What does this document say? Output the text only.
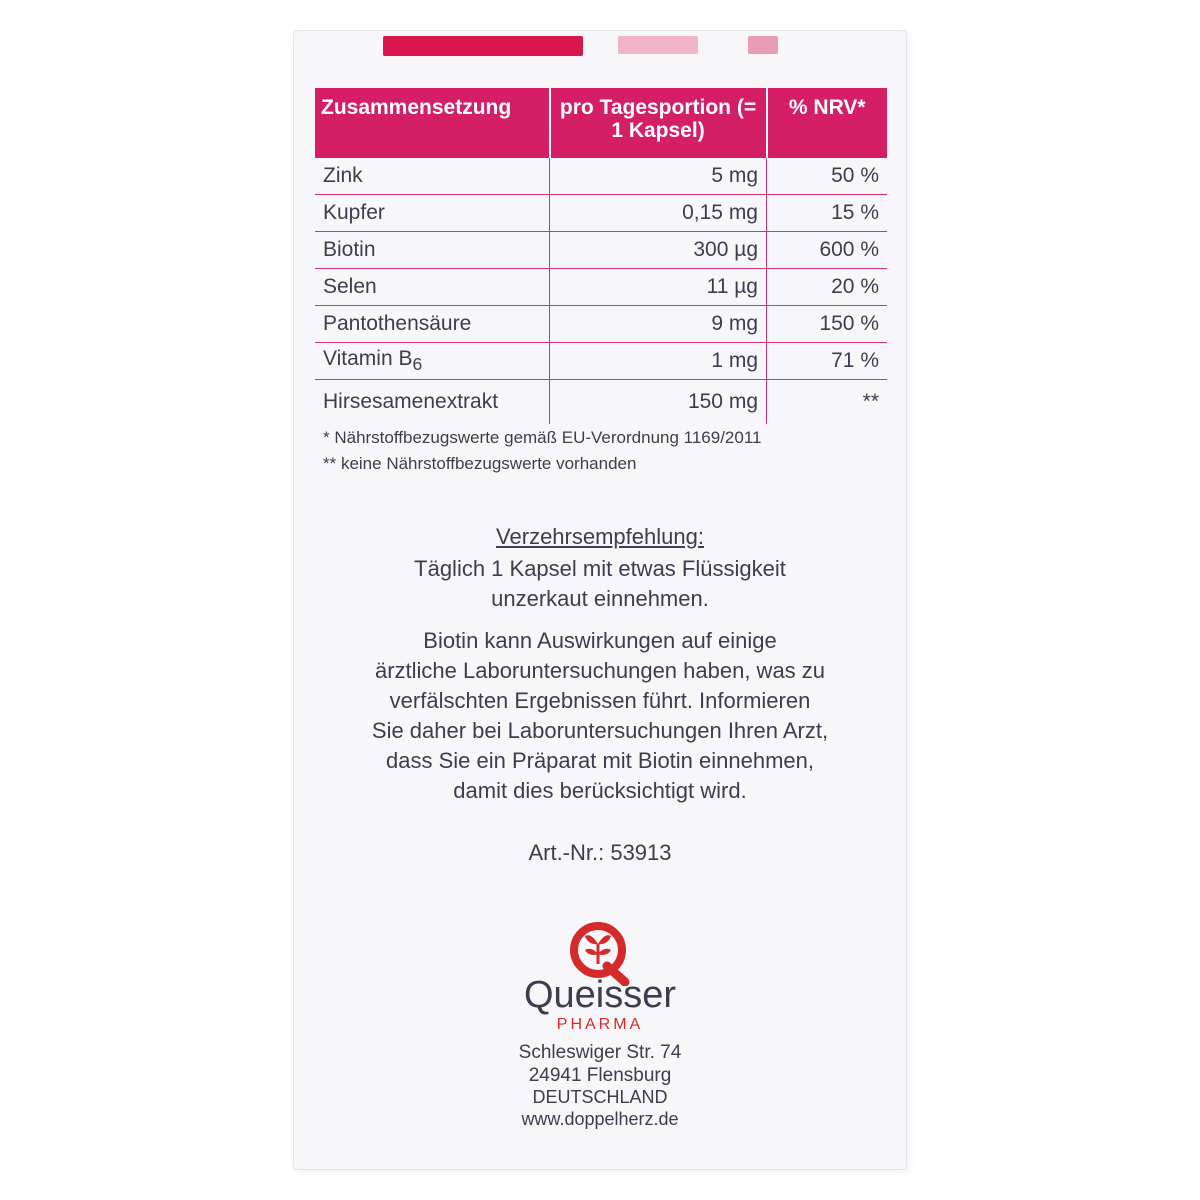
Zusammensetzung	pro Tagesportion (= 1 Kapsel)	% NRV*
Zink	5 mg	50 %
Kupfer	0,15 mg	15 %
Biotin	300 µg	600 %
Selen	11 µg	20 %
Pantothensäure	9 mg	150 %
Vitamin $B_6$	1 mg	71 %
Hirsesamenextrakt	150 mg	**
* Nährstoffbezugswerte gemäß EU-Verordnung 1169/2011
** keine Nährstoffbezugswerte vorhanden
Verzehrsempfehlung:
Täglich 1 Kapsel mit etwas Flüssigkeit
unzerkaut einnehmen.
Biotin kann Auswirkungen auf einige
ärztliche Laboruntersuchungen haben, was zu
verfälschten Ergebnissen führt. Informieren
Sie daher bei Laboruntersuchungen Ihren Arzt,
dass Sie ein Präparat mit Biotin einnehmen,
damit dies berücksichtigt wird.
Art.-Nr.: 53913
Queisser
PHARMA
Schleswiger Str. 74
24941 Flensburg
DEUTSCHLAND
www.doppelherz.de
